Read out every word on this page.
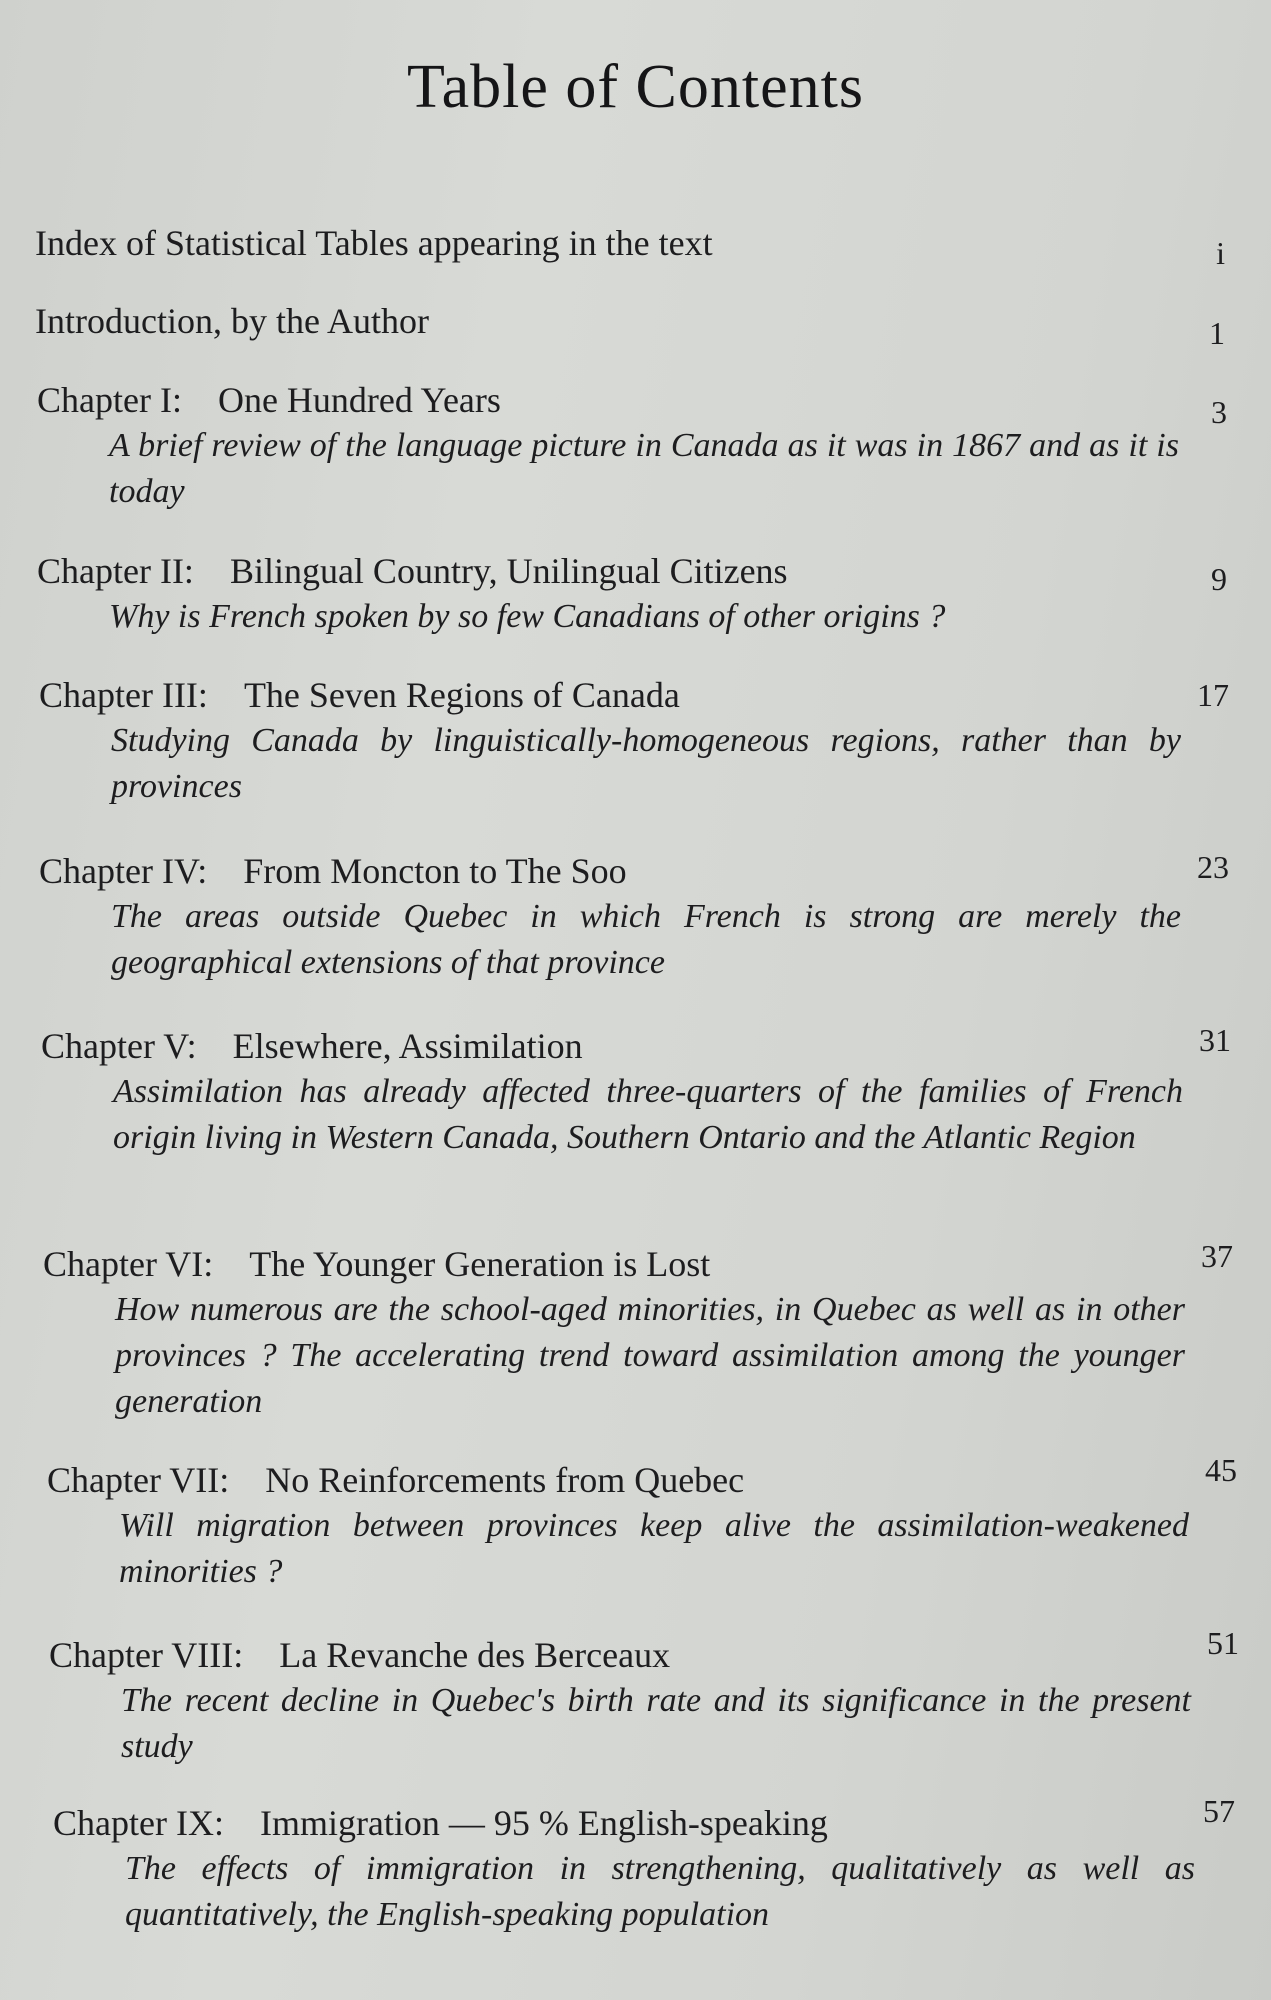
Table of Contents
Index of Statistical Tables appearing in the text	i
Introduction, by the Author	1
Chapter I: One Hundred Years
A brief review of the language picture in Canada as it was in 1867 and as it is today
3
Chapter II: Bilingual Country, Unilingual Citizens
Why is French spoken by so few Canadians of other origins ?
9
Chapter III: The Seven Regions of Canada
Studying Canada by linguistically-homogeneous regions, rather than by provinces
17
Chapter IV: From Moncton to The Soo
The areas outside Quebec in which French is strong are merely the geographical extensions of that province
23
Chapter V: Elsewhere, Assimilation
Assimilation has already affected three-quarters of the families of French origin living in Western Canada, Southern Ontario and the Atlantic Region
31
Chapter VI: The Younger Generation is Lost
How numerous are the school-aged minorities, in Quebec as well as in other provinces ? The accelerating trend toward assimilation among the younger generation
37
Chapter VII: No Reinforcements from Quebec
Will migration between provinces keep alive the assimilation-weakened minorities ?
45
Chapter VIII: La Revanche des Berceaux
The recent decline in Quebec's birth rate and its significance in the present study
51
Chapter IX: Immigration — 95 % English-speaking
The effects of immigration in strengthening, qualitatively as well as quantitatively, the English-speaking population
57
